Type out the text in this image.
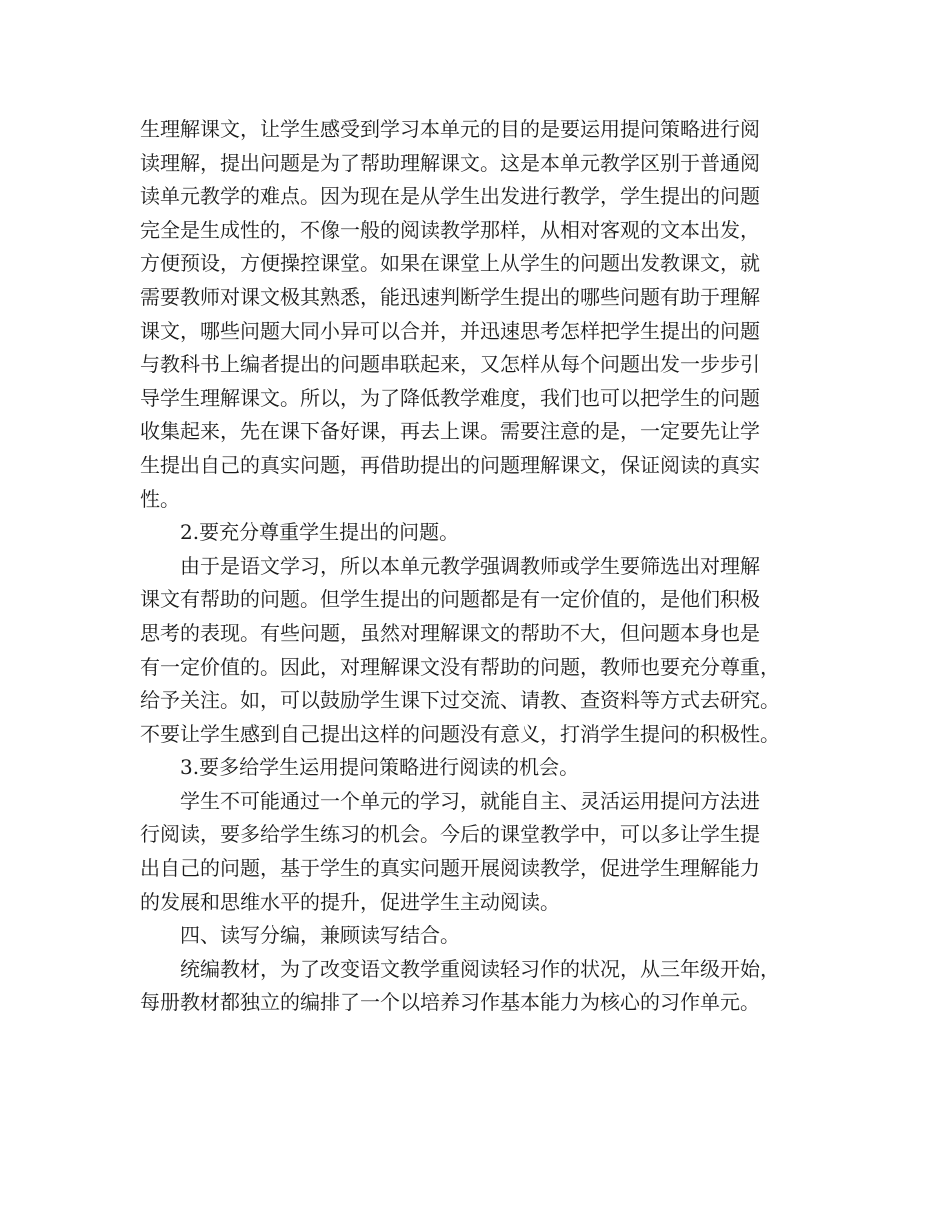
生理解课文，让学生感受到学习本单元的目的是要运用提问策略进行阅
读理解，提出问题是为了帮助理解课文。这是本单元教学区别于普通阅
读单元教学的难点。因为现在是从学生出发进行教学，学生提出的问题
完全是生成性的，不像一般的阅读教学那样，从相对客观的文本出发，
方便预设，方便操控课堂。如果在课堂上从学生的问题出发教课文，就
需要教师对课文极其熟悉，能迅速判断学生提出的哪些问题有助于理解
课文，哪些问题大同小异可以合并，并迅速思考怎样把学生提出的问题
与教科书上编者提出的问题串联起来，又怎样从每个问题出发一步步引
导学生理解课文。所以，为了降低教学难度，我们也可以把学生的问题
收集起来，先在课下备好课，再去上课。需要注意的是，一定要先让学
生提出自己的真实问题，再借助提出的问题理解课文，保证阅读的真实
性。
2.要充分尊重学生提出的问题。
由于是语文学习，所以本单元教学强调教师或学生要筛选出对理解
课文有帮助的问题。但学生提出的问题都是有一定价值的，是他们积极
思考的表现。有些问题，虽然对理解课文的帮助不大，但问题本身也是
有一定价值的。因此，对理解课文没有帮助的问题，教师也要充分尊重，
给予关注。如，可以鼓励学生课下过交流、请教、查资料等方式去研究。
不要让学生感到自己提出这样的问题没有意义，打消学生提问的积极性。
3.要多给学生运用提问策略进行阅读的机会。
学生不可能通过一个单元的学习，就能自主、灵活运用提问方法进
行阅读，要多给学生练习的机会。今后的课堂教学中，可以多让学生提
出自己的问题，基于学生的真实问题开展阅读教学，促进学生理解能力
的发展和思维水平的提升，促进学生主动阅读。
四、读写分编，兼顾读写结合。
统编教材，为了改变语文教学重阅读轻习作的状况，从三年级开始，
每册教材都独立的编排了一个以培养习作基本能力为核心的习作单元。
